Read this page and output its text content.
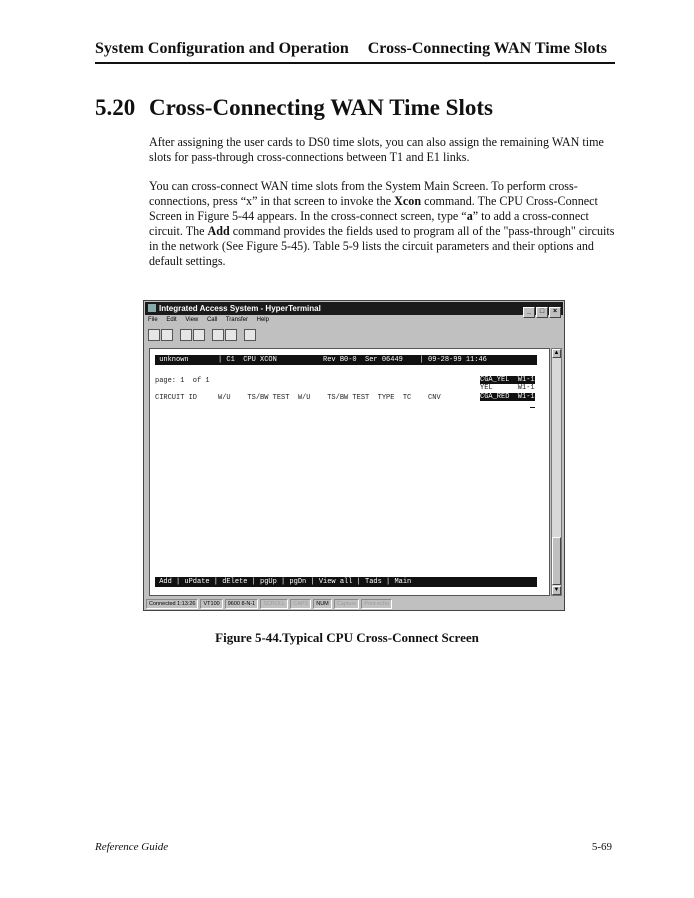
System Configuration and Operation Cross-Connecting WAN Time Slots
5.20 Cross-Connecting WAN Time Slots

After assigning the user cards to DS0 time slots, you can also assign the remaining WAN time slots for pass-through cross-connections between T1 and E1 links.

You can cross-connect WAN time slots from the System Main Screen. To perform cross-connections, press “x” in that screen to invoke the Xcon command. The CPU Cross-Connect Screen in Figure 5-44 appears. In the cross-connect screen, type “a” to add a cross-connect circuit. The Add command provides the fields used to program all of the "pass-through" circuits in the network (See Figure 5-45). Table 5-9 lists the circuit parameters and their options and default settings.

Integrated Access System - HyperTerminal	_ □ ×
File Edit View Call Transfer Help
unknown       | C1  CPU XCON           Rev B0-0  Ser 06449    | 09-28-99 11:46
page: 1  of 1
CIRCUIT ID     W/U    TS/BW TEST  W/U    TS/BW TEST  TYPE  TC    CNV
CGA_YEL  W1-1
YEL      W1-1
CGA_RED  W1-1
Add | uPdate | dElete | pgUp | pgDn | View all | Tads | Main
▲
▼
Connected 1:13:26 VT100 9600 8-N-1 SCROLL CAPS NUM Capture Print echo
Figure 5-44.Typical CPU Cross-Connect Screen
Reference Guide	5-69
